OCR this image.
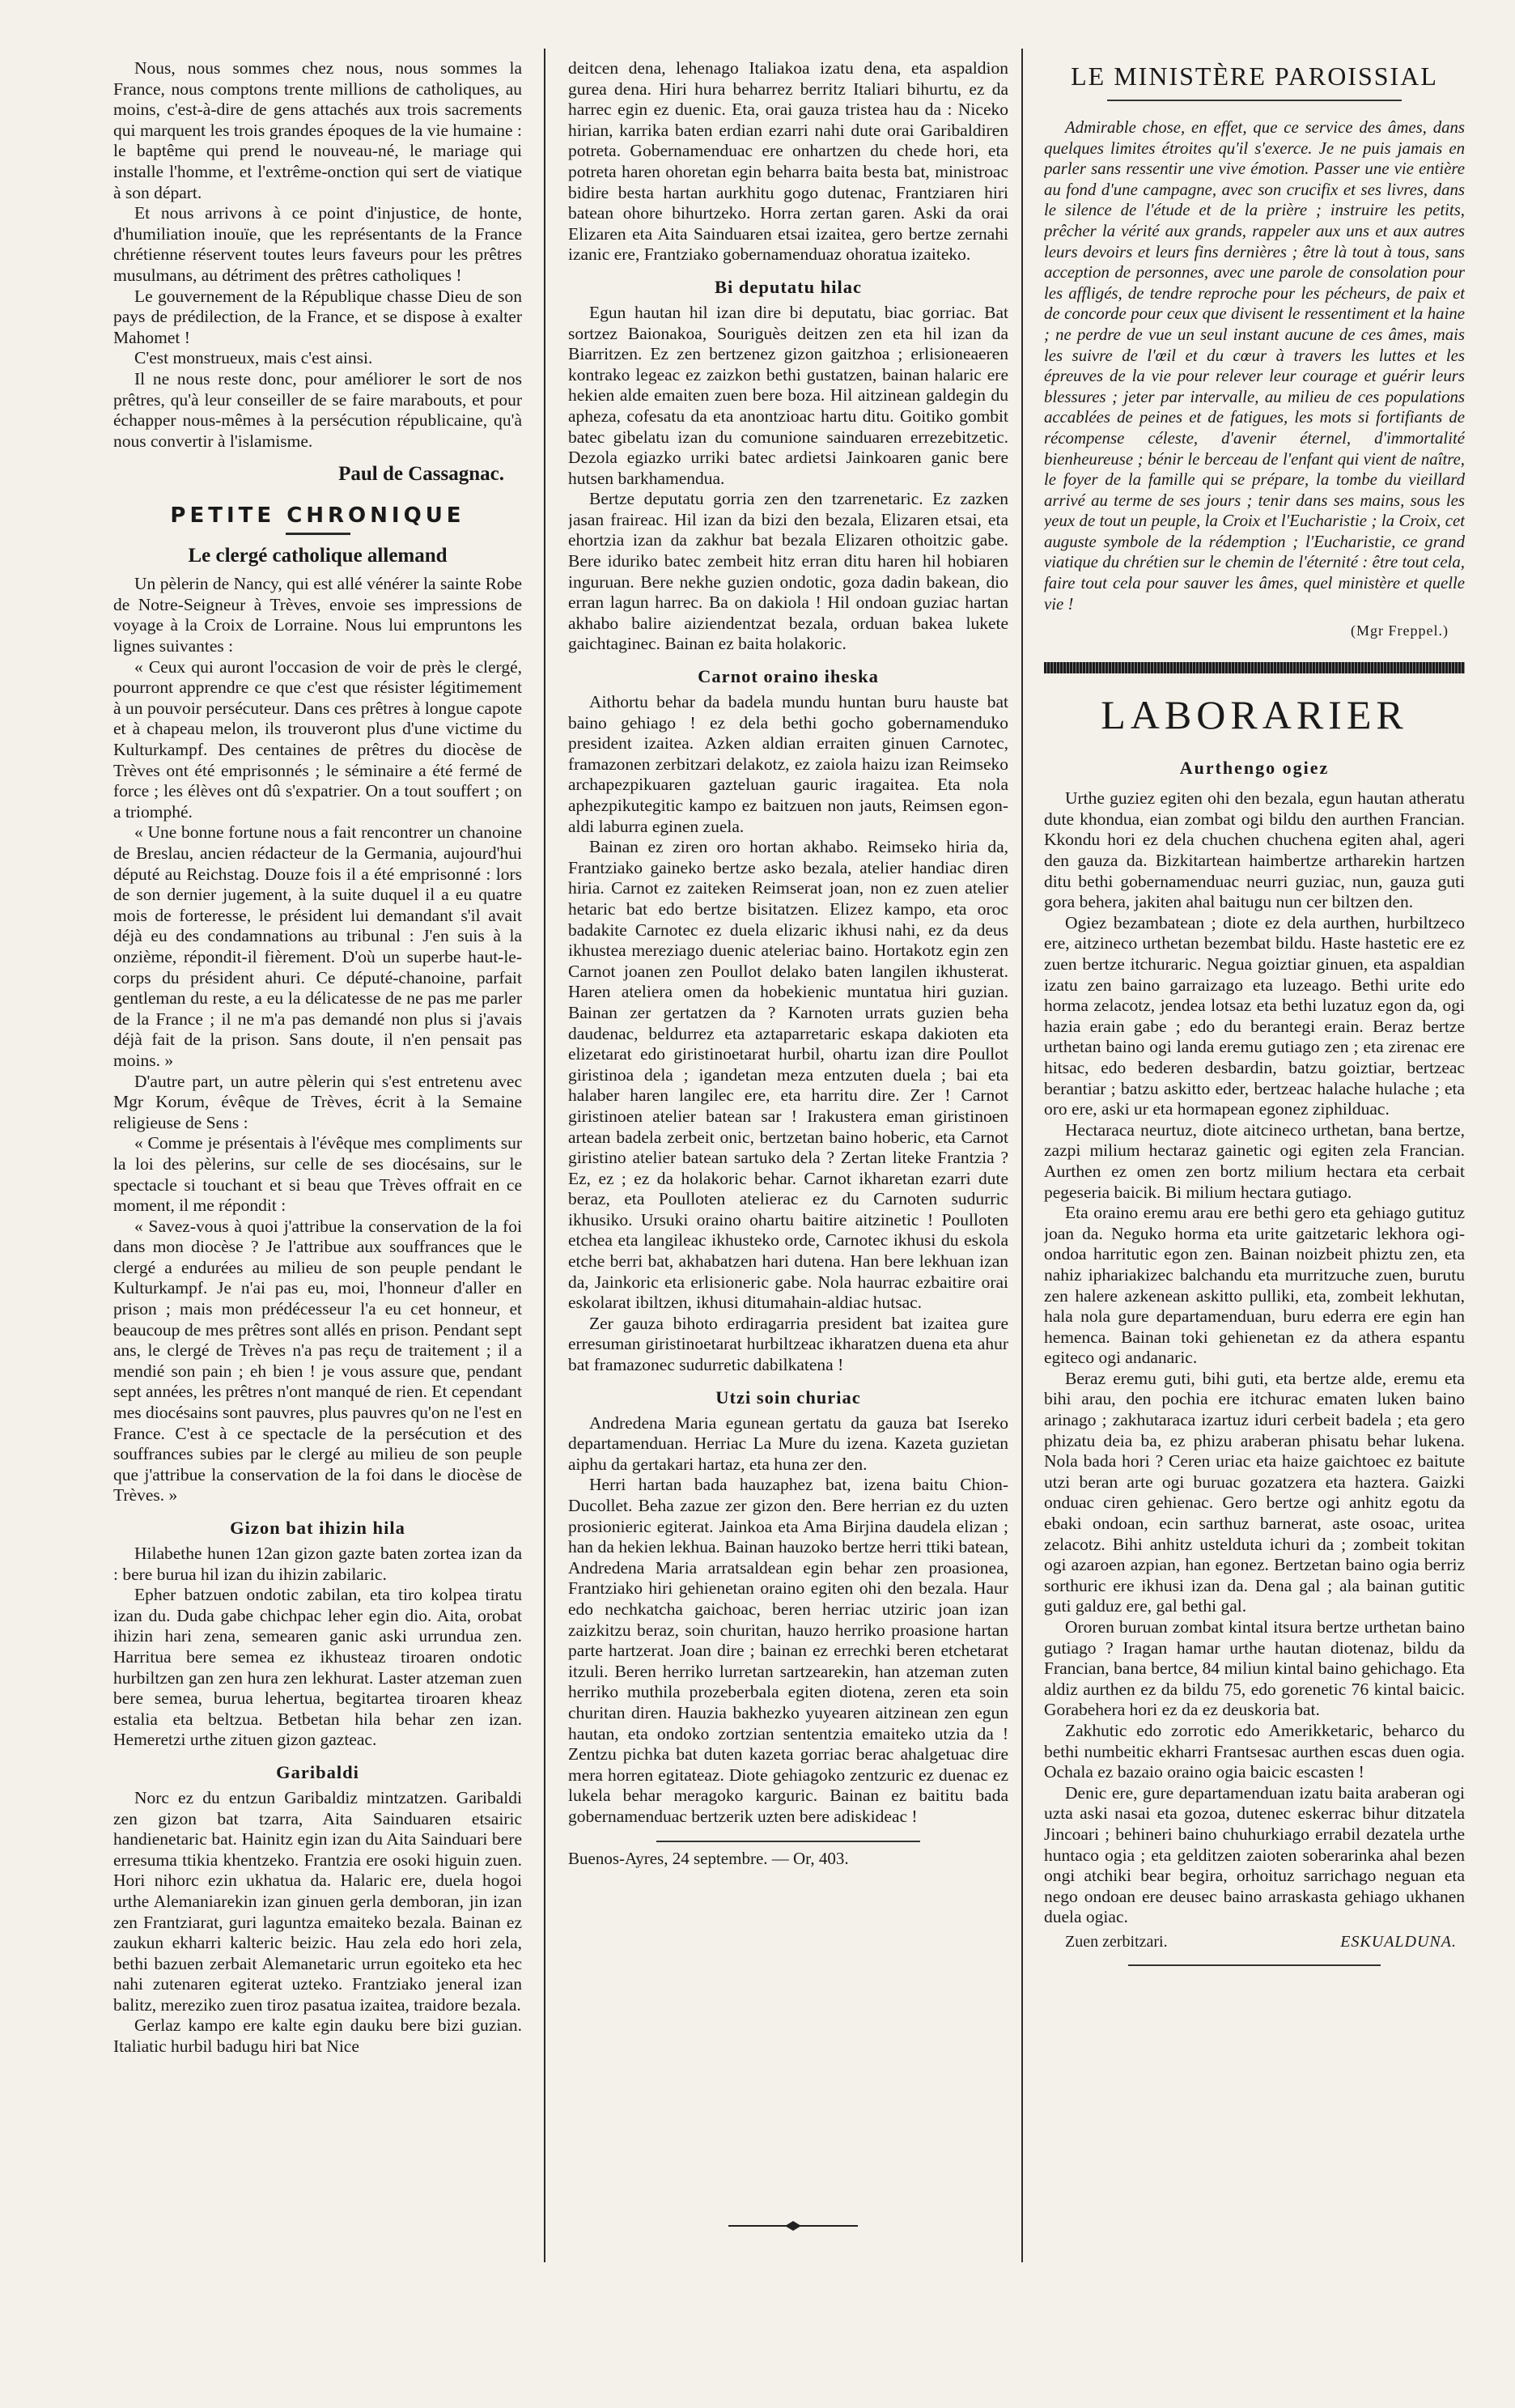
Nous, nous sommes chez nous, nous sommes la France, nous comptons trente millions de catholiques, au moins, c'est-à-dire de gens attachés aux trois sacrements qui marquent les trois grandes époques de la vie humaine : le baptême qui prend le nouveau-né, le mariage qui installe l'homme, et l'extrême-onction qui sert de viatique à son départ.

Et nous arrivons à ce point d'injustice, de honte, d'humiliation inouïe, que les représentants de la France chrétienne réservent toutes leurs faveurs pour les prêtres musulmans, au détriment des prêtres catholiques !

Le gouvernement de la République chasse Dieu de son pays de prédilection, de la France, et se dispose à exalter Mahomet !

C'est monstrueux, mais c'est ainsi.

Il ne nous reste donc, pour améliorer le sort de nos prêtres, qu'à leur conseiller de se faire marabouts, et pour échapper nous-mêmes à la persécution républicaine, qu'à nous convertir à l'islamisme.

Paul de Cassagnac.
PETITE CHRONIQUE
Le clergé catholique allemand

Un pèlerin de Nancy, qui est allé vénérer la sainte Robe de Notre-Seigneur à Trèves, envoie ses impressions de voyage à la Croix de Lorraine. Nous lui empruntons les lignes suivantes :

« Ceux qui auront l'occasion de voir de près le clergé, pourront apprendre ce que c'est que résister légitimement à un pouvoir persécuteur. Dans ces prêtres à longue capote et à chapeau melon, ils trouveront plus d'une victime du Kulturkampf. Des centaines de prêtres du diocèse de Trèves ont été emprisonnés ; le séminaire a été fermé de force ; les élèves ont dû s'expatrier. On a tout souffert ; on a triomphé.

« Une bonne fortune nous a fait rencontrer un chanoine de Breslau, ancien rédacteur de la Germania, aujourd'hui député au Reichstag. Douze fois il a été emprisonné : lors de son dernier jugement, à la suite duquel il a eu quatre mois de forteresse, le président lui demandant s'il avait déjà eu des condamnations au tribunal : J'en suis à la onzième, répondit-il fièrement. D'où un superbe haut-le-corps du président ahuri. Ce député-chanoine, parfait gentleman du reste, a eu la délicatesse de ne pas me parler de la France ; il ne m'a pas demandé non plus si j'avais déjà fait de la prison. Sans doute, il n'en pensait pas moins. »

D'autre part, un autre pèlerin qui s'est entretenu avec Mgr Korum, évêque de Trèves, écrit à la Semaine religieuse de Sens :

« Comme je présentais à l'évêque mes compliments sur la loi des pèlerins, sur celle de ses diocésains, sur le spectacle si touchant et si beau que Trèves offrait en ce moment, il me répondit :

« Savez-vous à quoi j'attribue la conservation de la foi dans mon diocèse ? Je l'attribue aux souffrances que le clergé a endurées au milieu de son peuple pendant le Kulturkampf. Je n'ai pas eu, moi, l'honneur d'aller en prison ; mais mon prédécesseur l'a eu cet honneur, et beaucoup de mes prêtres sont allés en prison. Pendant sept ans, le clergé de Trèves n'a pas reçu de traitement ; il a mendié son pain ; eh bien ! je vous assure que, pendant sept années, les prêtres n'ont manqué de rien. Et cependant mes diocésains sont pauvres, plus pauvres qu'on ne l'est en France. C'est à ce spectacle de la persécution et des souffrances subies par le clergé au milieu de son peuple que j'attribue la conservation de la foi dans le diocèse de Trèves. »

Gizon bat ihizin hila

Hilabethe hunen 12an gizon gazte baten zortea izan da : bere burua hil izan du ihizin zabilaric.

Epher batzuen ondotic zabilan, eta tiro kolpea tiratu izan du. Duda gabe chichpac leher egin dio. Aita, orobat ihizin hari zena, semearen ganic aski urrundua zen. Harritua bere semea ez ikhusteaz tiroaren ondotic hurbiltzen gan zen hura zen lekhurat. Laster atzeman zuen bere semea, burua lehertua, begitartea tiroaren kheaz estalia eta beltzua. Betbetan hila behar zen izan. Hemeretzi urthe zituen gizon gazteac.

Garibaldi

Norc ez du entzun Garibaldiz mintzatzen. Garibaldi zen gizon bat tzarra, Aita Sainduaren etsairic handienetaric bat. Hainitz egin izan du Aita Sainduari bere erresuma ttikia khentzeko. Frantzia ere osoki higuin zuen. Hori nihorc ezin ukhatua da. Halaric ere, duela hogoi urthe Alemaniarekin izan ginuen gerla demboran, jin izan zen Frantziarat, guri laguntza emaiteko bezala. Bainan ez zaukun ekharri kalteric beizic. Hau zela edo hori zela, bethi bazuen zerbait Alemanetaric urrun egoiteko eta hec nahi zutenaren egiterat uzteko. Frantziako jeneral izan balitz, mereziko zuen tiroz pasatua izaitea, traidore bezala.

Gerlaz kampo ere kalte egin dauku bere bizi guzian. Italiatic hurbil badugu hiri bat Nice

deitcen dena, lehenago Italiakoa izatu dena, eta aspaldion gurea dena. Hiri hura beharrez berritz Italiari bihurtu, ez da harrec egin ez duenic. Eta, orai gauza tristea hau da : Niceko hirian, karrika baten erdian ezarri nahi dute orai Garibaldiren potreta. Gobernamenduac ere onhartzen du chede hori, eta potreta haren ohoretan egin beharra baita besta bat, ministroac bidire besta hartan aurkhitu gogo dutenac, Frantziaren hiri batean ohore bihurtzeko. Horra zertan garen. Aski da orai Elizaren eta Aita Sainduaren etsai izaitea, gero bertze zernahi izanic ere, Frantziako gobernamenduaz ohoratua izaiteko.

Bi deputatu hilac

Egun hautan hil izan dire bi deputatu, biac gorriac. Bat sortzez Baionakoa, Souriguès deitzen zen eta hil izan da Biarritzen. Ez zen bertzenez gizon gaitzhoa ; erlisioneaeren kontrako legeac ez zaizkon bethi gustatzen, bainan halaric ere hekien alde emaiten zuen bere boza. Hil aitzinean galdegin du apheza, cofesatu da eta anontzioac hartu ditu. Goitiko gombit batec gibelatu izan du comunione sainduaren errezebitzetic. Dezola egiazko urriki batec ardietsi Jainkoaren ganic bere hutsen barkhamendua.

Bertze deputatu gorria zen den tzarrenetaric. Ez zazken jasan fraireac. Hil izan da bizi den bezala, Elizaren etsai, eta ehortzia izan da zakhur bat bezala Elizaren othoitzic gabe. Bere iduriko batec zembeit hitz erran ditu haren hil hobiaren inguruan. Bere nekhe guzien ondotic, goza dadin bakean, dio erran lagun harrec. Ba on dakiola ! Hil ondoan guziac hartan akhabo balire aiziendentzat bezala, orduan bakea lukete gaichtaginec. Bainan ez baita holakoric.

Carnot oraino iheska

Aithortu behar da badela mundu huntan buru hauste bat baino gehiago ! ez dela bethi gocho gobernamenduko president izaitea. Azken aldian erraiten ginuen Carnotec, framazonen zerbitzari delakotz, ez zaiola haizu izan Reimseko archapezpikuaren gazteluan gauric iragaitea. Eta nola aphezpikutegitic kampo ez baitzuen non jauts, Reimsen egon-aldi laburra eginen zuela.

Bainan ez ziren oro hortan akhabo. Reimseko hiria da, Frantziako gaineko bertze asko bezala, atelier handiac diren hiria. Carnot ez zaiteken Reimserat joan, non ez zuen atelier hetaric bat edo bertze bisitatzen. Elizez kampo, eta oroc badakite Carnotec ez duela elizaric ikhusi nahi, ez da deus ikhustea mereziago duenic ateleriac baino. Hortakotz egin zen Carnot joanen zen Poullot delako baten langilen ikhusterat. Haren ateliera omen da hobekienic muntatua hiri guzian. Bainan zer gertatzen da ? Karnoten urrats guzien beha daudenac, beldurrez eta aztaparretaric eskapa dakioten eta elizetarat edo giristinoetarat hurbil, ohartu izan dire Poullot giristinoa dela ; igandetan meza entzuten duela ; bai eta halaber haren langilec ere, eta harritu dire. Zer ! Carnot giristinoen atelier batean sar ! Irakustera eman giristinoen artean badela zerbeit onic, bertzetan baino hoberic, eta Carnot giristino atelier batean sartuko dela ? Zertan liteke Frantzia ? Ez, ez ; ez da holakoric behar. Carnot ikharetan ezarri dute beraz, eta Poulloten atelierac ez du Carnoten sudurric ikhusiko. Ursuki oraino ohartu baitire aitzinetic ! Poulloten etchea eta langileac ikhusteko orde, Carnotec ikhusi du eskola etche berri bat, akhabatzen hari dutena. Han bere lekhuan izan da, Jainkoric eta erlisioneric gabe. Nola haurrac ezbaitire orai eskolarat ibiltzen, ikhusi ditumahain-aldiac hutsac.

Zer gauza bihoto erdiragarria president bat izaitea gure erresuman giristinoetarat hurbiltzeac ikharatzen duena eta ahur bat framazonec sudurretic dabilkatena !

Utzi soin churiac

Andredena Maria egunean gertatu da gauza bat Isereko departamenduan. Herriac La Mure du izena. Kazeta guzietan aiphu da gertakari hartaz, eta huna zer den.

Herri hartan bada hauzaphez bat, izena baitu Chion-Ducollet. Beha zazue zer gizon den. Bere herrian ez du uzten prosionieric egiterat. Jainkoa eta Ama Birjina daudela elizan ; han da hekien lekhua. Bainan hauzoko bertze herri ttiki batean, Andredena Maria arratsaldean egin behar zen proasionea, Frantziako hiri gehienetan oraino egiten ohi den bezala. Haur edo nechkatcha gaichoac, beren herriac utziric joan izan zaizkitzu beraz, soin churitan, hauzo herriko proasione hartan parte hartzerat. Joan dire ; bainan ez errechki beren etchetarat itzuli. Beren herriko lurretan sartzearekin, han atzeman zuten herriko muthila prozeberbala egiten diotena, zeren eta soin churitan diren. Hauzia bakhezko yuyearen aitzinean zen egun hautan, eta ondoko zortzian sententzia emaiteko utzia da ! Zentzu pichka bat duten kazeta gorriac berac ahalgetuac dire mera horren egitateaz. Diote gehiagoko zentzuric ez duenac ez lukela behar meragoko karguric. Bainan ez baititu bada gobernamenduac bertzerik uzten bere adiskideac !

Buenos-Ayres, 24 septembre. — Or, 403.
LE MINISTÈRE PAROISSIAL

Admirable chose, en effet, que ce service des âmes, dans quelques limites étroites qu'il s'exerce. Je ne puis jamais en parler sans ressentir une vive émotion. Passer une vie entière au fond d'une campagne, avec son crucifix et ses livres, dans le silence de l'étude et de la prière ; instruire les petits, prêcher la vérité aux grands, rappeler aux uns et aux autres leurs devoirs et leurs fins dernières ; être là tout à tous, sans acception de personnes, avec une parole de consolation pour les affligés, de tendre reproche pour les pécheurs, de paix et de concorde pour ceux que divisent le ressentiment et la haine ; ne perdre de vue un seul instant aucune de ces âmes, mais les suivre de l'œil et du cœur à travers les luttes et les épreuves de la vie pour relever leur courage et guérir leurs blessures ; jeter par intervalle, au milieu de ces populations accablées de peines et de fatigues, les mots si fortifiants de récompense céleste, d'avenir éternel, d'immortalité bienheureuse ; bénir le berceau de l'enfant qui vient de naître, le foyer de la famille qui se prépare, la tombe du vieillard arrivé au terme de ses jours ; tenir dans ses mains, sous les yeux de tout un peuple, la Croix et l'Eucharistie ; la Croix, cet auguste symbole de la rédemption ; l'Eucharistie, ce grand viatique du chrétien sur le chemin de l'éternité : être tout cela, faire tout cela pour sauver les âmes, quel ministère et quelle vie !

(Mgr Freppel.)
LABORARIER
Aurthengo ogiez

Urthe guziez egiten ohi den bezala, egun hautan atheratu dute khondua, eian zombat ogi bildu den aurthen Francian. Kkondu hori ez dela chuchen chuchena egiten ahal, ageri den gauza da. Bizkitartean haimbertze artharekin hartzen ditu bethi gobernamenduac neurri guziac, nun, gauza guti gora behera, jakiten ahal baitugu nun cer biltzen den.

Ogiez bezambatean ; diote ez dela aurthen, hurbiltzeco ere, aitzineco urthetan bezembat bildu. Haste hastetic ere ez zuen bertze itchuraric. Negua goiztiar ginuen, eta aspaldian izatu zen baino garraizago eta luzeago. Bethi urite edo horma zelacotz, jendea lotsaz eta bethi luzatuz egon da, ogi hazia erain gabe ; edo du berantegi erain. Beraz bertze urthetan baino ogi landa eremu gutiago zen ; eta zirenac ere hitsac, edo bederen desbardin, batzu goiztiar, bertzeac berantiar ; batzu askitto eder, bertzeac halache hulache ; eta oro ere, aski ur eta hormapean egonez ziphilduac.

Hectaraca neurtuz, diote aitcineco urthetan, bana bertze, zazpi milium hectaraz gainetic ogi egiten zela Francian. Aurthen ez omen zen bortz milium hectara eta cerbait pegeseria baicik. Bi milium hectara gutiago.

Eta oraino eremu arau ere bethi gero eta gehiago gutituz joan da. Neguko horma eta urite gaitzetaric lekhora ogi-ondoa harritutic egon zen. Bainan noizbeit phiztu zen, eta nahiz iphariakizec balchandu eta murritzuche zuen, burutu zen halere azkenean askitto pulliki, eta, zombeit lekhutan, hala nola gure departamenduan, buru ederra ere egin han hemenca. Bainan toki gehienetan ez da athera espantu egiteco ogi andanaric.

Beraz eremu guti, bihi guti, eta bertze alde, eremu eta bihi arau, den pochia ere itchurac ematen luken baino arinago ; zakhutaraca izartuz iduri cerbeit badela ; eta gero phizatu deia ba, ez phizu araberan phisatu behar lukena. Nola bada hori ? Ceren uriac eta haize gaichtoec ez baitute utzi beran arte ogi buruac gozatzera eta haztera. Gaizki onduac ciren gehienac. Gero bertze ogi anhitz egotu da ebaki ondoan, ecin sarthuz barnerat, aste osoac, uritea zelacotz. Bihi anhitz ustelduta ichuri da ; zombeit tokitan ogi azaroen azpian, han egonez. Bertzetan baino ogia berriz sorthuric ere ikhusi izan da. Dena gal ; ala bainan gutitic guti galduz ere, gal bethi gal.

Ororen buruan zombat kintal itsura bertze urthetan baino gutiago ? Iragan hamar urthe hautan diotenaz, bildu da Francian, bana bertce, 84 miliun kintal baino gehichago. Eta aldiz aurthen ez da bildu 75, edo gorenetic 76 kintal baicic. Gorabehera hori ez da ez deuskoria bat.

Zakhutic edo zorrotic edo Amerikketaric, beharco du bethi numbeitic ekharri Frantsesac aurthen escas duen ogia. Ochala ez bazaio oraino ogia baicic escasten !

Denic ere, gure departamenduan izatu baita araberan ogi uzta aski nasai eta gozoa, dutenec eskerrac bihur ditzatela Jincoari ; behineri baino chuhurkiago errabil dezatela urthe huntaco ogia ; eta gelditzen zaioten soberarinka ahal bezen ongi atchiki bear begira, orhoituz sarrichago neguan eta nego ondoan ere deusec baino arraskasta gehiago ukhanen duela ogiac.

Zuen zerbitzari.	ESKUALDUNA.
